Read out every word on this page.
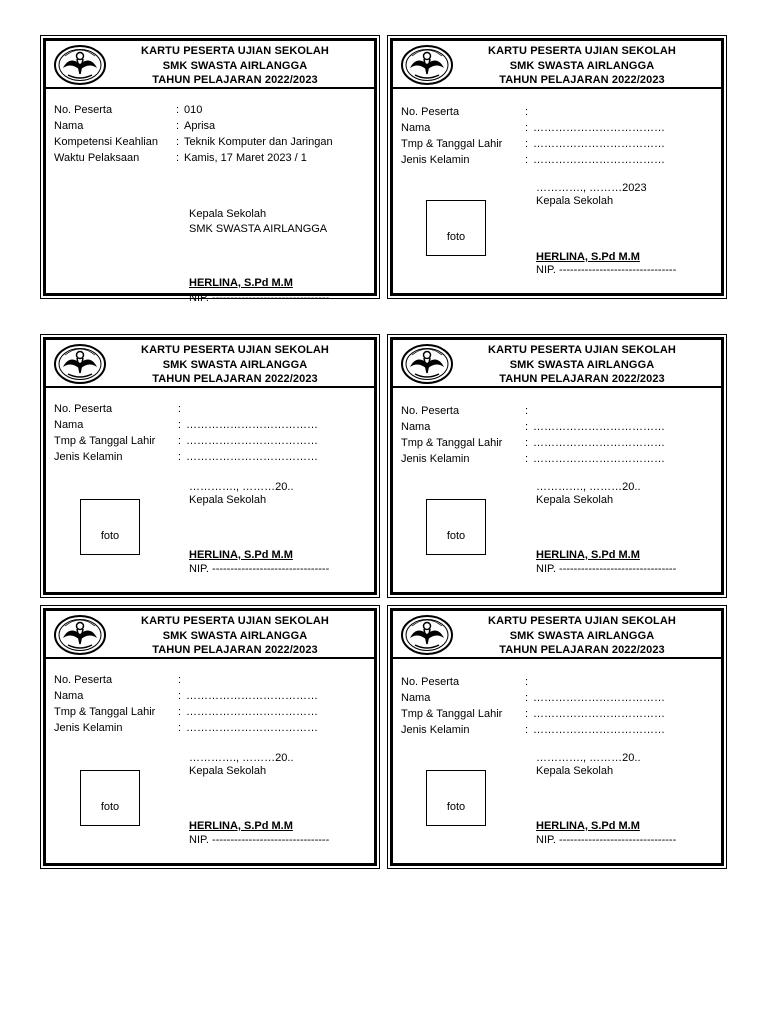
KARTU PESERTA UJIAN SEKOLAH
SMK SWASTA AIRLANGGA
TAHUN PELAJARAN 2022/2023
No. Peserta	: 010
Nama	: Aprisa
Kompetensi Keahlian : Teknik Komputer dan Jaringan
Waktu Pelaksaan	: Kamis, 17 Maret 2023 / 1
Kepala Sekolah
SMK SWASTA AIRLANGGA
HERLINA, S.Pd M.M
NIP. --------------------------------
KARTU PESERTA UJIAN SEKOLAH
SMK SWASTA AIRLANGGA
TAHUN PELAJARAN 2022/2023
No. Peserta	:
Nama	: ………………………………
Tmp & Tanggal Lahir : ………………………………
Jenis Kelamin	: ………………………………
…………., ………2023
Kepala Sekolah
foto
HERLINA, S.Pd M.M
NIP. --------------------------------
KARTU PESERTA UJIAN SEKOLAH
SMK SWASTA AIRLANGGA
TAHUN PELAJARAN 2022/2023
No. Peserta	:
Nama	: ………………………………
Tmp & Tanggal Lahir : ………………………………
Jenis Kelamin	: ………………………………
…………., ………20..
Kepala Sekolah
foto
HERLINA, S.Pd M.M
NIP. --------------------------------
KARTU PESERTA UJIAN SEKOLAH
SMK SWASTA AIRLANGGA
TAHUN PELAJARAN 2022/2023
No. Peserta	:
Nama	: ………………………………
Tmp & Tanggal Lahir : ………………………………
Jenis Kelamin	: ………………………………
…………., ………20..
Kepala Sekolah
foto
HERLINA, S.Pd M.M
NIP. --------------------------------
KARTU PESERTA UJIAN SEKOLAH
SMK SWASTA AIRLANGGA
TAHUN PELAJARAN 2022/2023
No. Peserta	:
Nama	: ………………………………
Tmp & Tanggal Lahir : ………………………………
Jenis Kelamin	: ………………………………
…………., ………20..
Kepala Sekolah
foto
HERLINA, S.Pd M.M
NIP. --------------------------------
KARTU PESERTA UJIAN SEKOLAH
SMK SWASTA AIRLANGGA
TAHUN PELAJARAN 2022/2023
No. Peserta	:
Nama	: ………………………………
Tmp & Tanggal Lahir : ………………………………
Jenis Kelamin	: ………………………………
…………., ………20..
Kepala Sekolah
foto
HERLINA, S.Pd M.M
NIP. --------------------------------
